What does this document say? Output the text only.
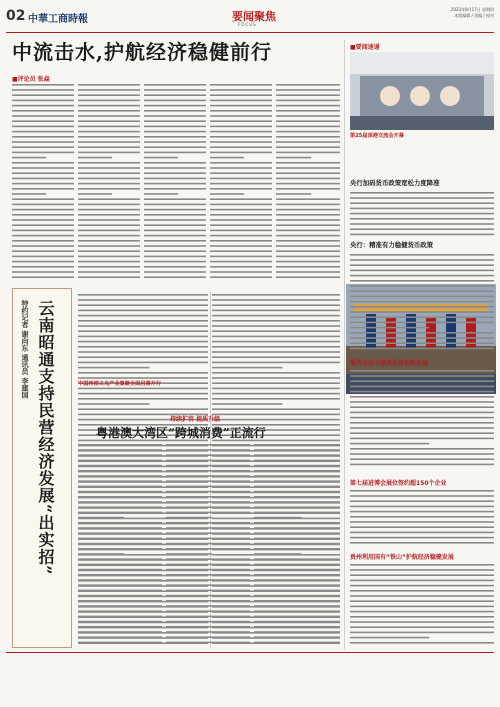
02 中華工商時報	要闻聚焦
FOCUS
2023年8月17日 星期四
本版编辑 / 责编 / 校对
中流击水,护航经济稳健前行
■评论员 张焱
云南昭通支持民营经济发展“出实招”
特约记者 谢向东 通讯员 李建国	中国西部义乌产业集聚全面启幕开行
持续扩容 提质升级
粤港澳大湾区“跨城消费”正流行
■要闻速递
第25届深港交流会开幕
央行加码货币政策宽松力度降准
央行：精准有力稳健货币政策
服贸会设立服务贸易创新发展
第七届进博会展位签约超150个企业
贵州利用国有“铁山”护航经济稳健发展
